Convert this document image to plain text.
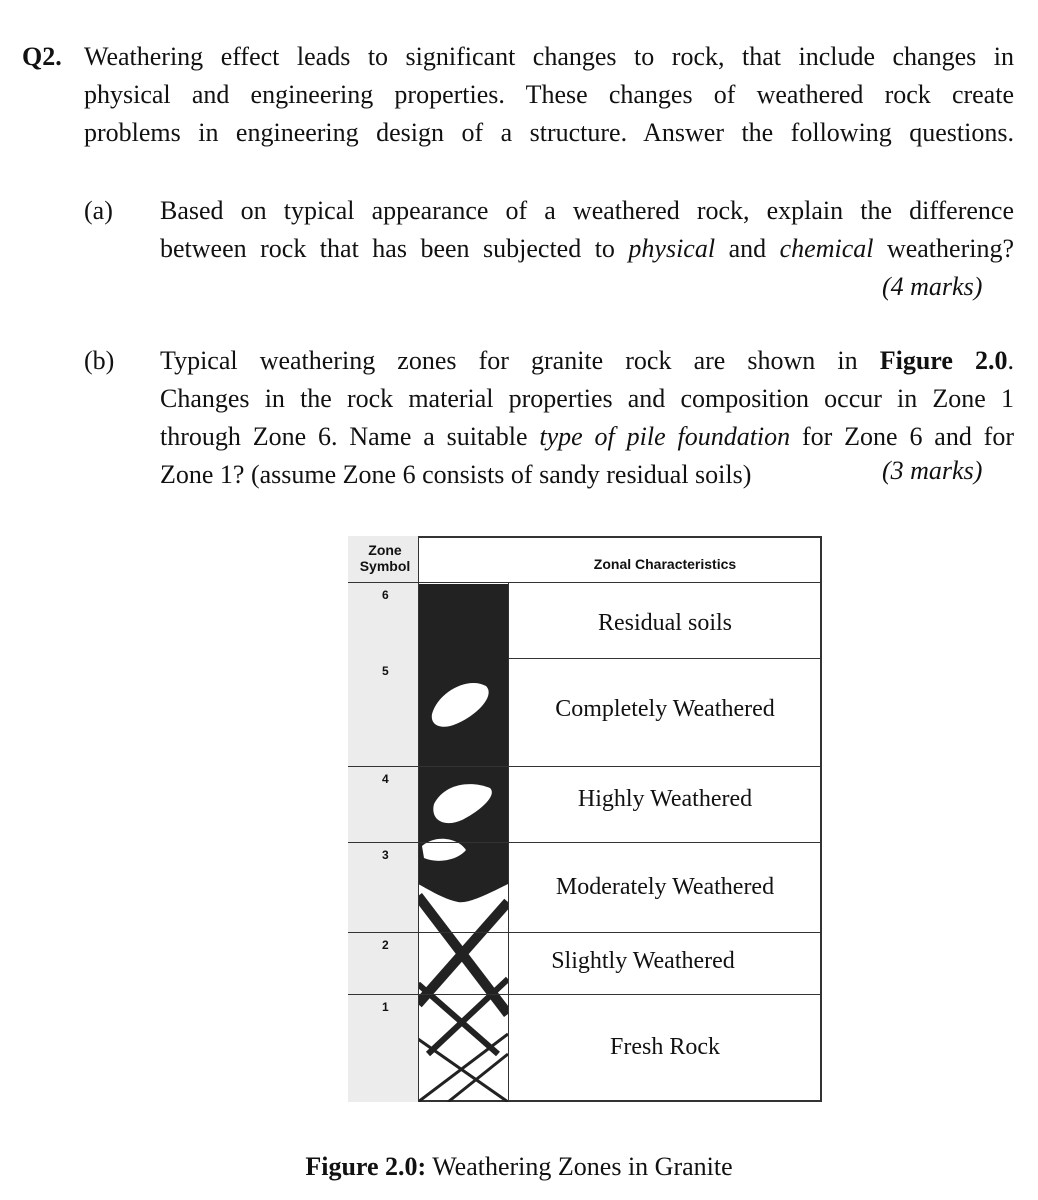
Q2. Weathering effect leads to significant changes to rock, that include changes in
physical and engineering properties. These changes of weathered rock create
problems in engineering design of a structure. Answer the following questions.
(a) Based on typical appearance of a weathered rock, explain the difference
between rock that has been subjected to physical and chemical weathering?
(4 marks)
(b) Typical weathering zones for granite rock are shown in Figure 2.0.
Changes in the rock material properties and composition occur in Zone 1
through Zone 6. Name a suitable type of pile foundation for Zone 6 and for
Zone 1? (assume Zone 6 consists of sandy residual soils)	(3 marks)
Zone Symbol	Zonal Characteristics
6
5
4
3
2
1
Residual soils
Completely Weathered
Highly Weathered
Moderately Weathered
Slightly Weathered
Fresh Rock
Figure 2.0: Weathering Zones in Granite
